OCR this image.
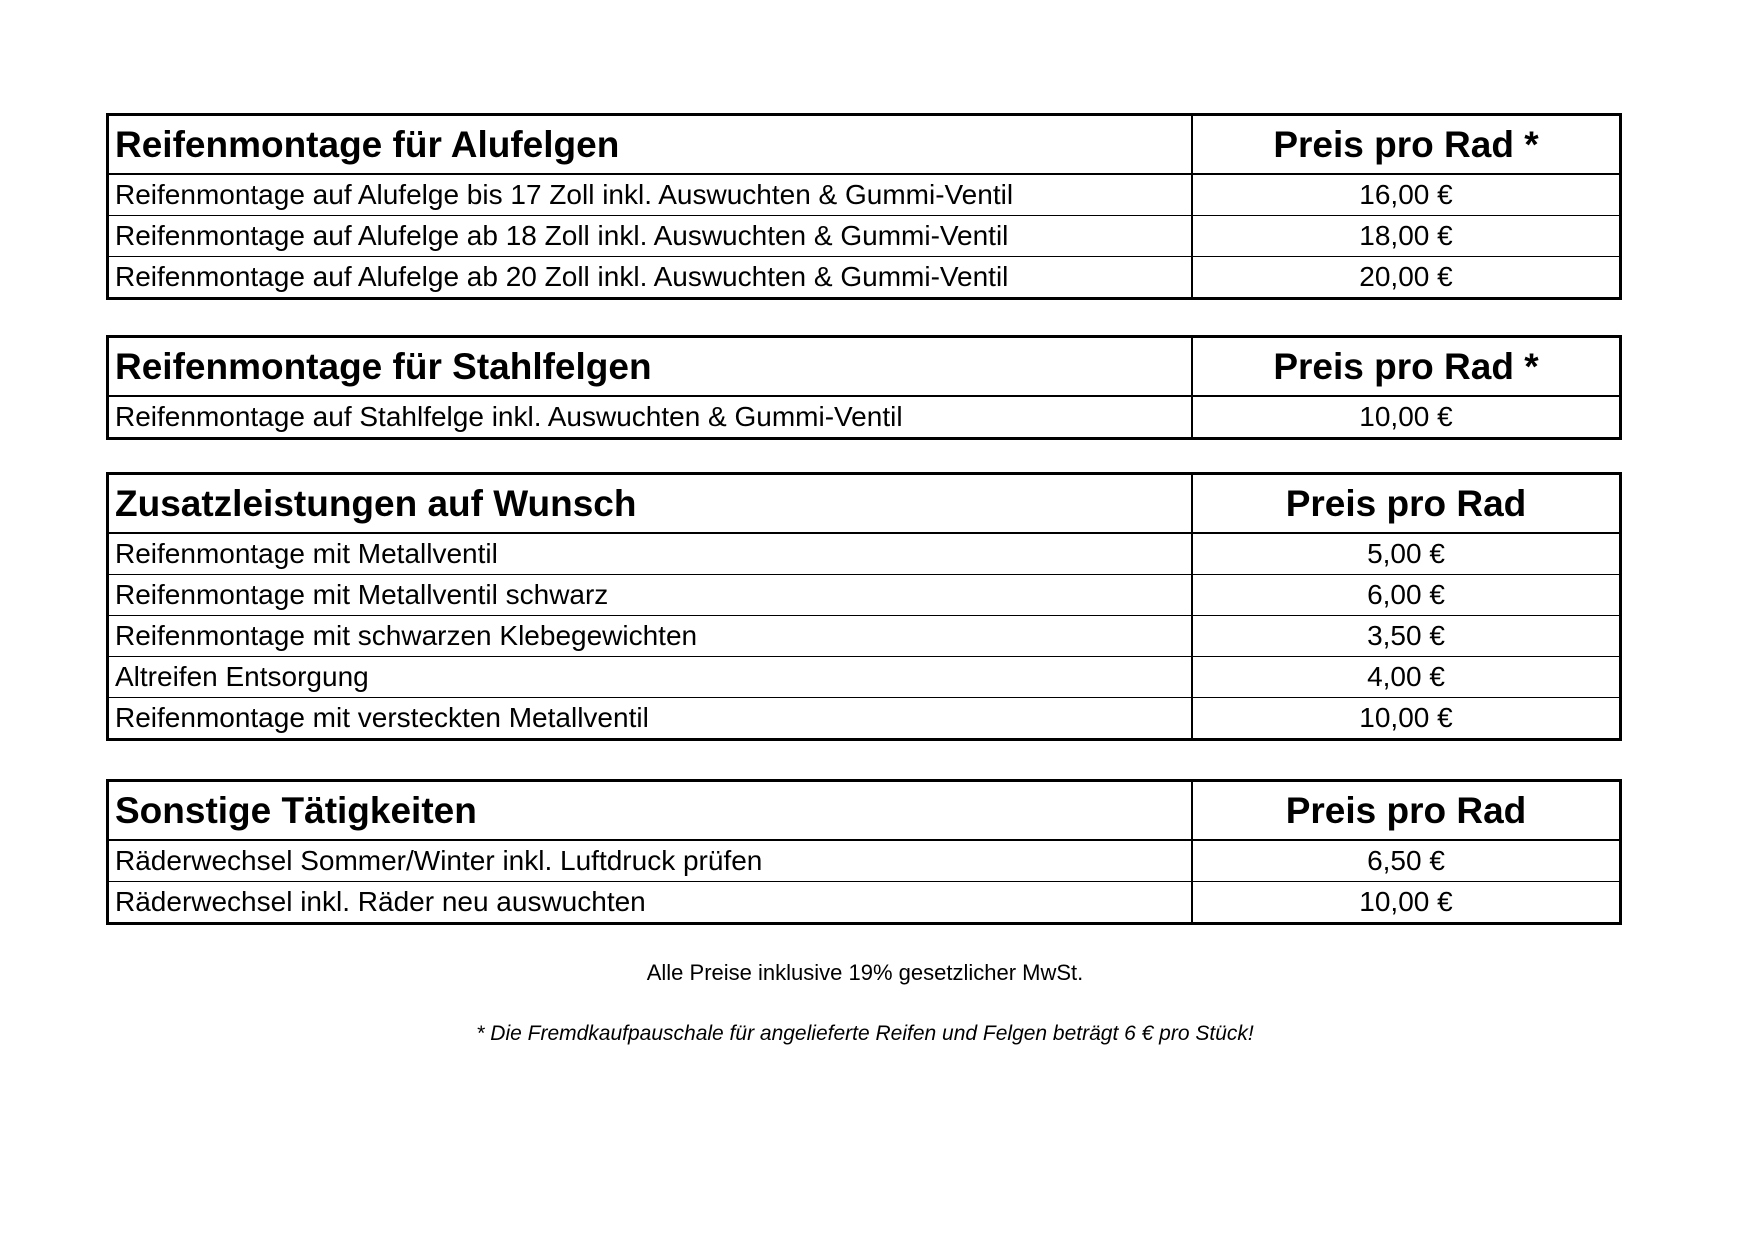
Reifenmontage für Alufelgen	Preis pro Rad *
Reifenmontage auf Alufelge bis 17 Zoll inkl. Auswuchten & Gummi-Ventil	16,00 €
Reifenmontage auf Alufelge ab 18 Zoll inkl. Auswuchten & Gummi-Ventil	18,00 €
Reifenmontage auf Alufelge ab 20 Zoll inkl. Auswuchten & Gummi-Ventil	20,00 €
Reifenmontage für Stahlfelgen	Preis pro Rad *
Reifenmontage auf Stahlfelge inkl. Auswuchten & Gummi-Ventil	10,00 €
Zusatzleistungen auf Wunsch	Preis pro Rad
Reifenmontage mit Metallventil	5,00 €
Reifenmontage mit Metallventil schwarz	6,00 €
Reifenmontage mit schwarzen Klebegewichten	3,50 €
Altreifen Entsorgung	4,00 €
Reifenmontage mit versteckten Metallventil	10,00 €
Sonstige Tätigkeiten	Preis pro Rad
Räderwechsel Sommer/Winter inkl. Luftdruck prüfen	6,50 €
Räderwechsel inkl. Räder neu auswuchten	10,00 €
Alle Preise inklusive 19% gesetzlicher MwSt.
* Die Fremdkaufpauschale für angelieferte Reifen und Felgen beträgt 6 € pro Stück!
